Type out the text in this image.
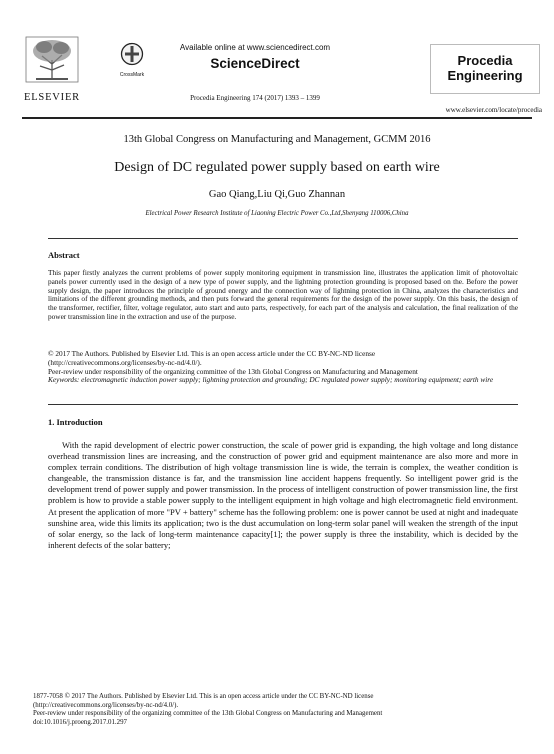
ELSEVIER
CrossMark
Available online at www.sciencedirect.com
ScienceDirect
Procedia Engineering 174 (2017) 1393 – 1399
Procedia
Engineering
www.elsevier.com/locate/procedia
13th Global Congress on Manufacturing and Management, GCMM 2016
Design of DC regulated power supply based on earth wire
Gao Qiang,Liu Qi,Guo Zhannan
Electrical Power Research Institute of Liaoning Electric Power Co.,Ltd,Shenyang 110006,China
Abstract
This paper firstly analyzes the current problems of power supply monitoring equipment in transmission line, illustrates the application limit of photovoltaic panels power currently used in the design of a new type of power supply, and the lightning protection grounding is proposed based on the. Before the power supply design, the paper introduces the principle of ground energy and the connection way of lightning protection in China, analyzes the characteristics and limitations of the different grounding methods, and then puts forward the general requirements for the design of the power supply. On this basis, the design of the transformer, rectifier, filter, voltage regulator, auto start and auto parts, respectively, for each part of the analysis and calculation, the final realization of the power transmission line in the extraction and use of the purpose.
© 2017 The Authors. Published by Elsevier Ltd. This is an open access article under the CC BY-NC-ND license
(http://creativecommons.org/licenses/by-nc-nd/4.0/).
Peer-review under responsibility of the organizing committee of the 13th Global Congress on Manufacturing and Management
Keywords: electromagnetic induction power supply; lightning protection and grounding; DC regulated power supply; monitoring equipment; earth wire
1. Introduction
With the rapid development of electric power construction, the scale of power grid is expanding, the high voltage and long distance overhead transmission lines are increasing, and the construction of power grid and equipment maintenance are also more and more in complex terrain conditions. The distribution of high voltage transmission line is wide, the terrain is complex, the weather condition is changeable, the transmission distance is far, and the transmission line accident happens frequently. So intelligent power grid is the development trend of power supply and power transmission. In the process of intelligent construction of power transmission line, the first problem is how to provide a stable power supply to the intelligent equipment in high voltage and high electromagnetic field environment. At present the application of more "PV + battery" scheme has the following problem: one is power cannot be used at night and inadequate sunshine area, wide this limits its application; two is the dust accumulation on long-term solar panel will weaken the strength of the input of solar energy, so the lack of long-term maintenance capacity[1]; the power supply is three the instability, which is decided by the inherent defects of the solar battery;
1877-7058 © 2017 The Authors. Published by Elsevier Ltd. This is an open access article under the CC BY-NC-ND license
(http://creativecommons.org/licenses/by-nc-nd/4.0/).
Peer-review under responsibility of the organizing committee of the 13th Global Congress on Manufacturing and Management
doi:10.1016/j.proeng.2017.01.297
